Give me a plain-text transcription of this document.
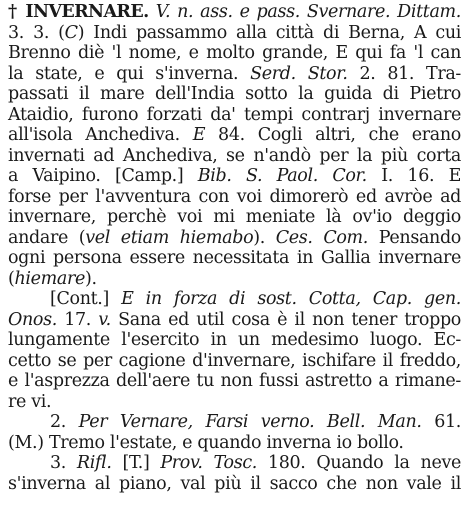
† INVERNARE. V. n. ass. e pass. Svernare. Dittam.
3. 3. (C) Indi passammo alla città di Berna, A cui
Brenno diè 'l nome, e molto grande, E qui fa 'l can
la state, e qui s'inverna. Serd. Stor. 2. 81. Tra-
passati il mare dell'India sotto la guida di Pietro
Ataidio, furono forzati da' tempi contrarj invernare
all'isola Anchediva. E 84. Cogli altri, che erano
invernati ad Anchediva, se n'andò per la più corta
a Vaipino. [Camp.] Bib. S. Paol. Cor. I. 16. E
forse per l'avventura con voi dimorerò ed avròe ad
invernare, perchè voi mi meniate là ov'io deggio
andare (vel etiam hiemabo). Ces. Com. Pensando
ogni persona essere necessitata in Gallia invernare
(hiemare).
[Cont.] E in forza di sost. Cotta, Cap. gen.
Onos. 17. v. Sana ed util cosa è il non tener troppo
lungamente l'esercito in un medesimo luogo. Ec-
cetto se per cagione d'invernare, ischifare il freddo,
e l'asprezza dell'aere tu non fussi astretto a rimane-
re vi.
2. Per Vernare, Farsi verno. Bell. Man. 61.
(M.) Tremo l'estate, e quando inverna io bollo.
3. Rifl. [T.] Prov. Tosc. 180. Quando la neve
s'inverna al piano, val più il sacco che non vale il
